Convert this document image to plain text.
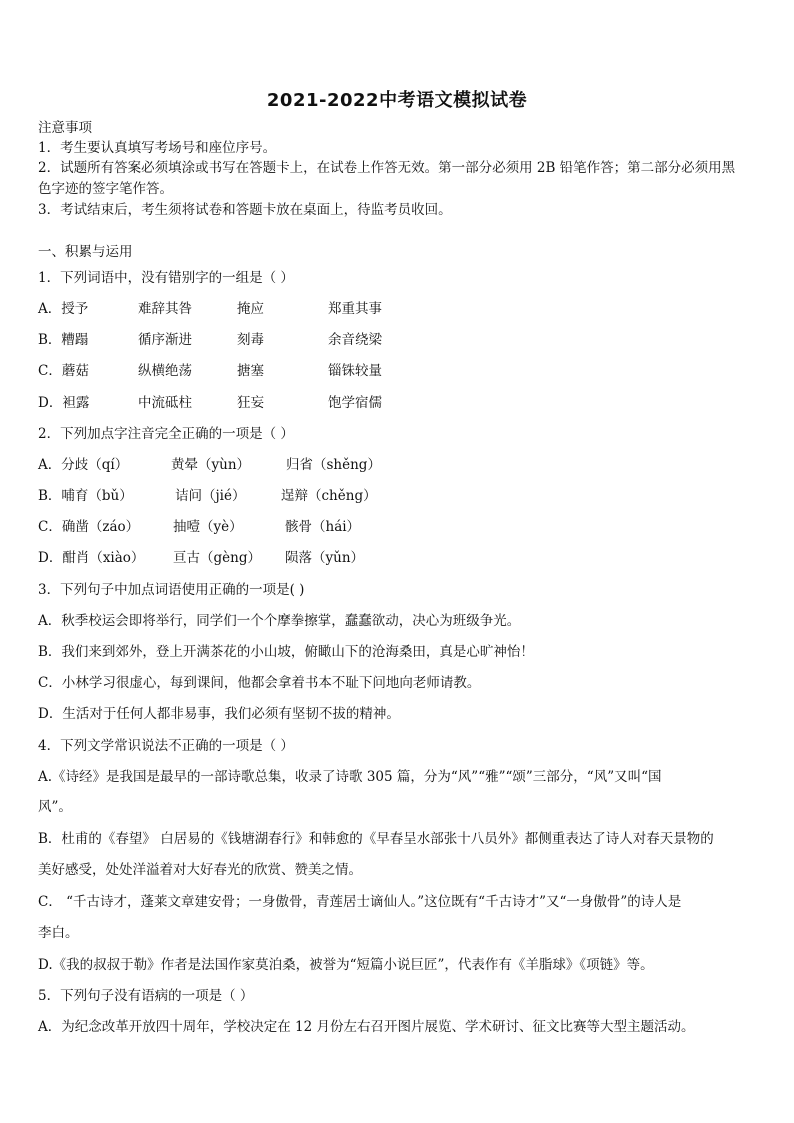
2021-2022中考语文模拟试卷
注意事项
1．考生要认真填写考场号和座位序号。
2．试题所有答案必须填涂或书写在答题卡上，在试卷上作答无效。第一部分必须用 2B 铅笔作答；第二部分必须用黑
色字迹的签字笔作答。
3．考试结束后，考生须将试卷和答题卡放在桌面上，待监考员收回。
一、积累与运用
1．下列词语中，没有错别字的一组是（ ）
A．授予	难辞其咎	掩应	郑重其事
B．糟蹋	循序渐进	刻毒	余音绕梁
C．蘑菇	纵横绝荡	搪塞	锱铢较量
D．袒露	中流砥柱	狂妄	饱学宿儒
2．下列加点字注音完全正确的一项是（ ）
A．分歧（qí）	黄晕（yùn）	归省（shěng）
B．哺育（bǔ）	诘问（jié）	逞辩（chěng）
C．确凿（záo）	抽噎（yè）	骸骨（hái）
D．酣肖（xiào） 亘古（gèng） 陨落（yǔn）
3．下列句子中加点词语使用正确的一项是( )
A．秋季校运会即将举行，同学们一个个摩拳擦掌，蠢蠢欲动，决心为班级争光。
B．我们来到郊外，登上开满茶花的小山坡，俯瞰山下的沧海桑田，真是心旷神怡！
C．小林学习很虚心，每到课间，他都会拿着书本不耻下问地向老师请教。
D．生活对于任何人都非易事，我们必须有坚韧不拔的精神。
4．下列文学常识说法不正确的一项是（ ）
A.《诗经》是我国是最早的一部诗歌总集，收录了诗歌 305 篇，分为“风”“雅”“颂”三部分，“风”又叫“国
风”。
B．杜甫的《春望》 白居易的《钱塘湖春行》和韩愈的《早春呈水部张十八员外》都侧重表达了诗人对春天景物的
美好感受，处处洋溢着对大好春光的欣赏、赞美之情。
C． “千古诗才，蓬莱文章建安骨；一身傲骨，青莲居士谪仙人。”这位既有“千古诗才”又“一身傲骨”的诗人是
李白。
D.《我的叔叔于勒》作者是法国作家莫泊桑，被誉为“短篇小说巨匠”，代表作有《羊脂球》《项链》等。
5．下列句子没有语病的一项是（ ）
A．为纪念改革开放四十周年，学校决定在 12 月份左右召开图片展览、学术研讨、征文比赛等大型主题活动。
